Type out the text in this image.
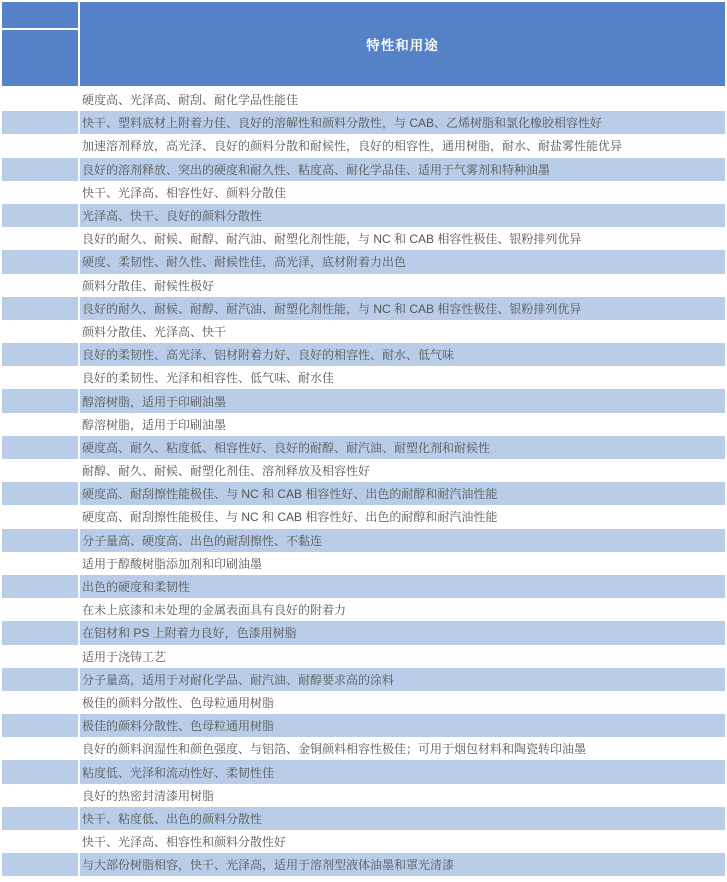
特性和用途
硬度高、光泽高、耐刮、耐化学品性能佳
快干、塑料底材上附着力佳、良好的溶解性和颜料分散性，与 CAB、乙烯树脂和氯化橡胶相容性好
加速溶剂释放，高光泽、良好的颜料分散和耐候性，良好的相容性，通用树脂，耐水、耐盐雾性能优异
良好的溶剂释放、突出的硬度和耐久性、粘度高、耐化学品佳、适用于气雾剂和特种油墨
快干、光泽高、相容性好、颜料分散佳
光泽高、快干、良好的颜料分散性
良好的耐久、耐候、耐醇、耐汽油、耐塑化剂性能，与 NC 和 CAB 相容性极佳、银粉排列优异
硬度、柔韧性、耐久性、耐候性佳，高光泽，底材附着力出色
颜料分散佳、耐候性极好
良好的耐久、耐候、耐醇、耐汽油、耐塑化剂性能，与 NC 和 CAB 相容性极佳、银粉排列优异
颜料分散佳、光泽高、快干
良好的柔韧性、高光泽、铝材附着力好、良好的相容性、耐水、低气味
良好的柔韧性、光泽和相容性、低气味、耐水佳
醇溶树脂，适用于印刷油墨
醇溶树脂，适用于印刷油墨
硬度高、耐久、粘度低、相容性好、良好的耐醇、耐汽油、耐塑化剂和耐候性
耐醇、耐久、耐候、耐塑化剂佳、溶剂释放及相容性好
硬度高、耐刮擦性能极佳、与 NC 和 CAB 相容性好、出色的耐醇和耐汽油性能
硬度高、耐刮擦性能极佳、与 NC 和 CAB 相容性好、出色的耐醇和耐汽油性能
分子量高、硬度高、出色的耐刮擦性、不黏连
适用于醇酸树脂添加剂和印刷油墨
出色的硬度和柔韧性
在未上底漆和未处理的金属表面具有良好的附着力
在铝材和 PS 上附着力良好，色漆用树脂
适用于浇铸工艺
分子量高，适用于对耐化学品、耐汽油、耐醇要求高的涂料
极佳的颜料分散性、色母粒通用树脂
极佳的颜料分散性、色母粒通用树脂
良好的颜料润湿性和颜色强度、与铝箔、金铜颜料相容性极佳；可用于烟包材料和陶瓷转印油墨
粘度低、光泽和流动性好、柔韧性佳
良好的热密封清漆用树脂
快干、粘度低、出色的颜料分散性
快干、光泽高、相容性和颜料分散性好
与大部份树脂相容，快干、光泽高，适用于溶剂型液体油墨和罩光清漆
